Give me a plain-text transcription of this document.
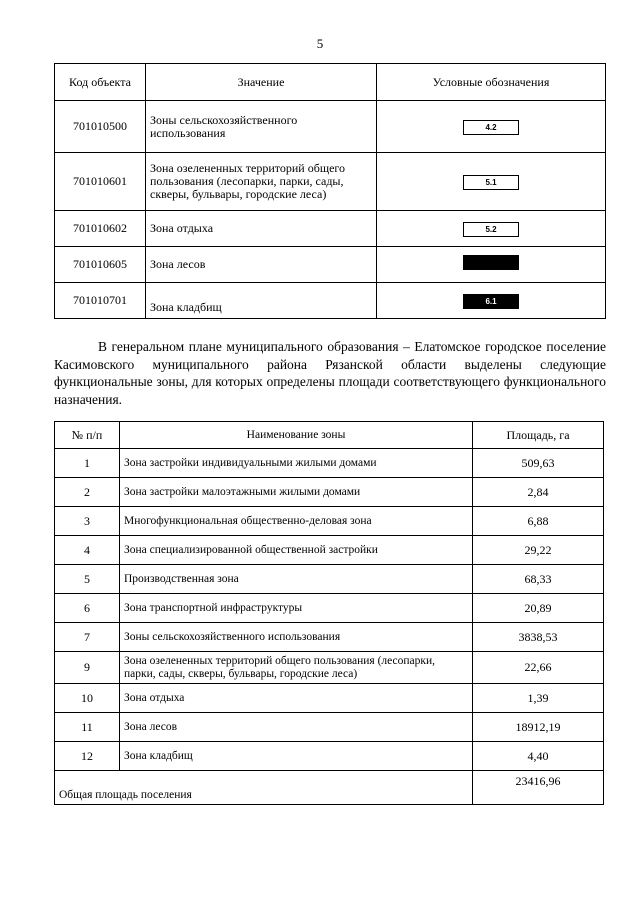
5
Код объекта	Значение	Условные обозначения
701010500	Зоны сельскохозяйственного использования	4.2
701010601	Зона озелененных территорий общего пользования (лесопарки, парки, сады, скверы, бульвары, городские леса)	5.1
701010602	Зона отдыха	5.2
701010605	Зона лесов	
701010701	Зона кладбищ	6.1
В генеральном плане муниципального образования – Елатомское городское поселение Касимовского муниципального района Рязанской области выделены следующие функциональные зоны, для которых определены площади соответствующего функционального назначения.
№ п/п	Наименование зоны	Площадь, га
1	Зона застройки индивидуальными жилыми домами	509,63
2	Зона застройки малоэтажными жилыми домами	2,84
3	Многофункциональная общественно-деловая зона	6,88
4	Зона специализированной общественной застройки	29,22
5	Производственная зона	68,33
6	Зона транспортной инфраструктуры	20,89
7	Зоны сельскохозяйственного использования	3838,53
9	Зона озелененных территорий общего пользования (лесопарки, парки, сады, скверы, бульвары, городские леса)	22,66
10	Зона отдыха	1,39
11	Зона лесов	18912,19
12	Зона кладбищ	4,40
Общая площадь поселения		23416,96
